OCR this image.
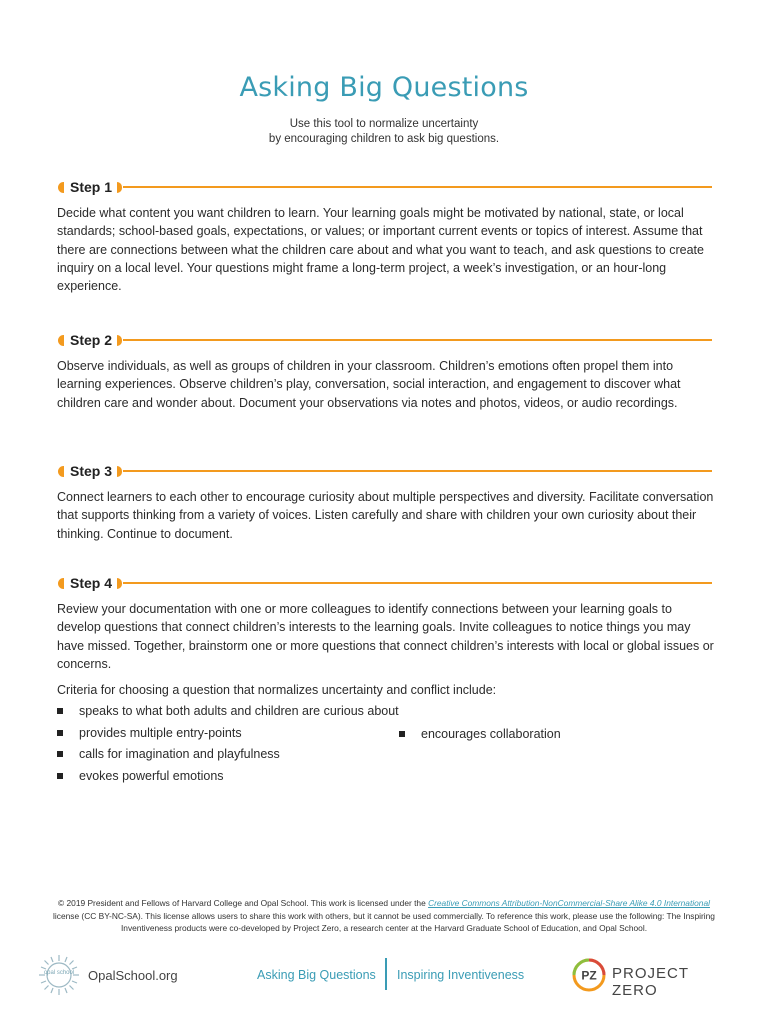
Asking Big Questions
Use this tool to normalize uncertainty
by encouraging children to ask big questions.
Step 1

Decide what content you want children to learn. Your learning goals might be motivated by national, state, or local standards; school-based goals, expectations, or values; or important current events or topics of interest. Assume that there are connections between what the children care about and what you want to teach, and ask questions to create inquiry on a local level. Your questions might frame a long-term project, a week’s investigation, or an hour-long experience.

Step 2

Observe individuals, as well as groups of children in your classroom. Children’s emotions often propel them into learning experiences. Observe children’s play, conversation, social interaction, and engagement to discover what children care and wonder about. Document your observations via notes and photos, videos, or audio recordings.

Step 3

Connect learners to each other to encourage curiosity about multiple perspectives and diversity. Facilitate conversation that supports thinking from a variety of voices. Listen carefully and share with children your own curiosity about their thinking. Continue to document.

Step 4

Review your documentation with one or more colleagues to identify connections between your learning goals to develop questions that connect children’s interests to the learning goals. Invite colleagues to notice things you may have missed. Together, brainstorm one or more questions that connect children’s interests with local or global issues or concerns.

Criteria for choosing a question that normalizes uncertainty and conflict include:

speaks to what both adults and children are curious about
provides multiple entry-points
calls for imagination and playfulness
evokes powerful emotions
encourages collaboration
© 2019 President and Fellows of Harvard College and Opal School. This work is licensed under the Creative Commons Attribution-NonCommercial-Share Alike 4.0 International license (CC BY-NC-SA). This license allows users to share this work with others, but it cannot be used commercially. To reference this work, please use the following: The Inspiring Inventiveness products were co-developed by Project Zero, a research center at the Harvard Graduate School of Education, and Opal School.
opal school OpalSchool.org	Asking Big Questions Inspiring Inventiveness	PZ PROJECT ZERO
